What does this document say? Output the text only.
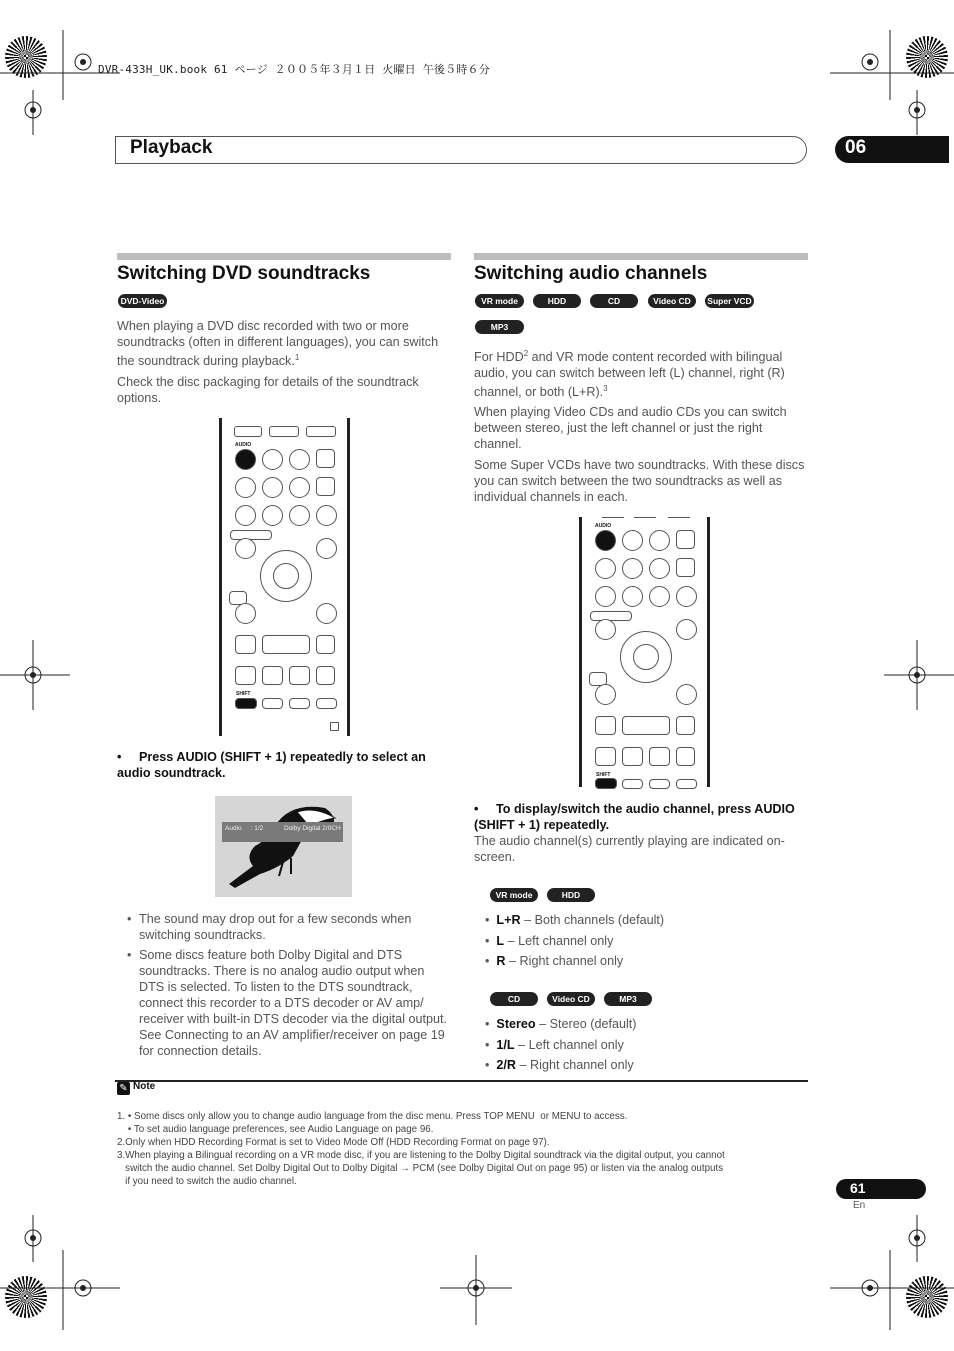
DVR-433H_UK.book 61 ページ ２００５年３月１日 火曜日 午後５時６分
Playback	06
Switching DVD soundtracks
DVD-Video
When playing a DVD disc recorded with two or more soundtracks (often in different languages), you can switch the soundtrack during playback.$^1$
Check the disc packaging for details of the soundtrack options.
AUDIO
SHIFT
• Press AUDIO (SHIFT + 1) repeatedly to select an audio soundtrack.
Audio     : 1/2	Dolby Digital 2/0CH
• The sound may drop out for a few seconds when switching soundtracks.
• Some discs feature both Dolby Digital and DTS soundtracks. There is no analog audio output when DTS is selected. To listen to the DTS soundtrack, connect this recorder to a DTS decoder or AV amp/ receiver with built-in DTS decoder via the digital output. See Connecting to an AV amplifier/receiver on page 19 for connection details.
Switching audio channels
VR mode	HDD	CD	Video CD	Super VCD
MP3
For HDD$^2$ and VR mode content recorded with bilingual audio, you can switch between left (L) channel, right (R) channel, or both (L+R).$^3$
When playing Video CDs and audio CDs you can switch between stereo, just the left channel or just the right channel.
Some Super VCDs have two soundtracks. With these discs you can switch between the two soundtracks as well as individual channels in each.
AUDIO
SHIFT
• To display/switch the audio channel, press AUDIO (SHIFT + 1) repeatedly.
The audio channel(s) currently playing are indicated on-screen.
VR mode	HDD
•  L+R – Both channels (default)
•  L – Left channel only
•  R – Right channel only
CD	Video CD	MP3
•  Stereo – Stereo (default)
•  1/L – Left channel only
•  2/R – Right channel only
✎ Note

1. • Some discs only allow you to change audio language from the disc menu. Press TOP MENU  or MENU to access.
• To set audio language preferences, see Audio Language on page 96.
2.Only when HDD Recording Format is set to Video Mode Off (HDD Recording Format on page 97).
3.When playing a Bilingual recording on a VR mode disc, if you are listening to the Dolby Digital soundtrack via the digital output, you cannot
switch the audio channel. Set Dolby Digital Out to Dolby Digital → PCM (see Dolby Digital Out on page 95) or listen via the analog outputs
if you need to switch the audio channel.	61
En
